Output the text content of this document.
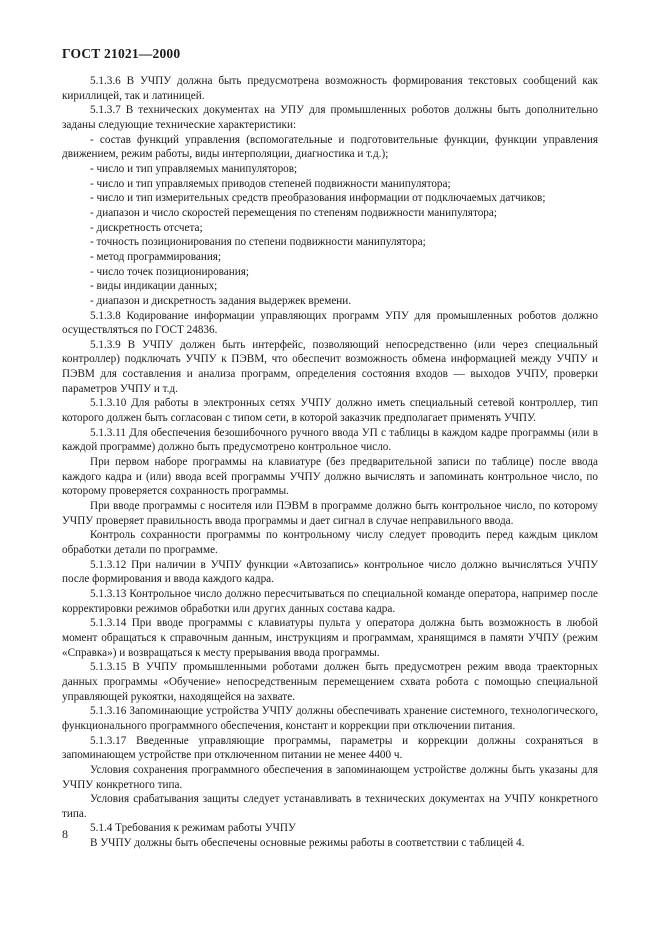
ГОСТ 21021—2000

5.1.3.6 В УЧПУ должна быть предусмотрена возможность формирования текстовых сообщений как кириллицей, так и латиницей.

5.1.3.7 В технических документах на УПУ для промышленных роботов должны быть дополнительно заданы следующие технические характеристики:

- состав функций управления (вспомогательные и подготовительные функции, функции управления движением, режим работы, виды интерполяции, диагностика и т.д.);

- число и тип управляемых манипуляторов;

- число и тип управляемых приводов степеней подвижности манипулятора;

- число и тип измерительных средств преобразования информации от подключаемых датчиков;

- диапазон и число скоростей перемещения по степеням подвижности манипулятора;

- дискретность отсчета;

- точность позиционирования по степени подвижности манипулятора;

- метод программирования;

- число точек позиционирования;

- виды индикации данных;

- диапазон и дискретность задания выдержек времени.

5.1.3.8 Кодирование информации управляющих программ УПУ для промышленных роботов должно осуществляться по ГОСТ 24836.

5.1.3.9 В УЧПУ должен быть интерфейс, позволяющий непосредственно (или через специальный контроллер) подключать УЧПУ к ПЭВМ, что обеспечит возможность обмена информацией между УЧПУ и ПЭВМ для составления и анализа программ, определения состояния входов — выходов УЧПУ, проверки параметров УЧПУ и т.д.

5.1.3.10 Для работы в электронных сетях УЧПУ должно иметь специальный сетевой контроллер, тип которого должен быть согласован с типом сети, в которой заказчик предполагает применять УЧПУ.

5.1.3.11 Для обеспечения безошибочного ручного ввода УП с таблицы в каждом кадре программы (или в каждой программе) должно быть предусмотрено контрольное число.

При первом наборе программы на клавиатуре (без предварительной записи по таблице) после ввода каждого кадра и (или) ввода всей программы УЧПУ должно вычислять и запоминать контрольное число, по которому проверяется сохранность программы.

При вводе программы с носителя или ПЭВМ в программе должно быть контрольное число, по которому УЧПУ проверяет правильность ввода программы и дает сигнал в случае неправильного ввода.

Контроль сохранности программы по контрольному числу следует проводить перед каждым циклом обработки детали по программе.

5.1.3.12 При наличии в УЧПУ функции «Автозапись» контрольное число должно вычисляться УЧПУ после формирования и ввода каждого кадра.

5.1.3.13 Контрольное число должно пересчитываться по специальной команде оператора, например после корректировки режимов обработки или других данных состава кадра.

5.1.3.14 При вводе программы с клавиатуры пульта у оператора должна быть возможность в любой момент обращаться к справочным данным, инструкциям и программам, хранящимся в памяти УЧПУ (режим «Справка») и возвращаться к месту прерывания ввода программы.

5.1.3.15 В УЧПУ промышленными роботами должен быть предусмотрен режим ввода траекторных данных программы «Обучение» непосредственным перемещением схвата робота с помощью специальной управляющей рукоятки, находящейся на захвате.

5.1.3.16 Запоминающие устройства УЧПУ должны обеспечивать хранение системного, технологического, функционального программного обеспечения, констант и коррекции при отключении питания.

5.1.3.17 Введенные управляющие программы, параметры и коррекции должны сохраняться в запоминающем устройстве при отключенном питании не менее 4400 ч.

Условия сохранения программного обеспечения в запоминающем устройстве должны быть указаны для УЧПУ конкретного типа.

Условия срабатывания защиты следует устанавливать в технических документах на УЧПУ конкретного типа.

5.1.4 Требования к режимам работы УЧПУ

В УЧПУ должны быть обеспечены основные режимы работы в соответствии с таблицей 4.

8
